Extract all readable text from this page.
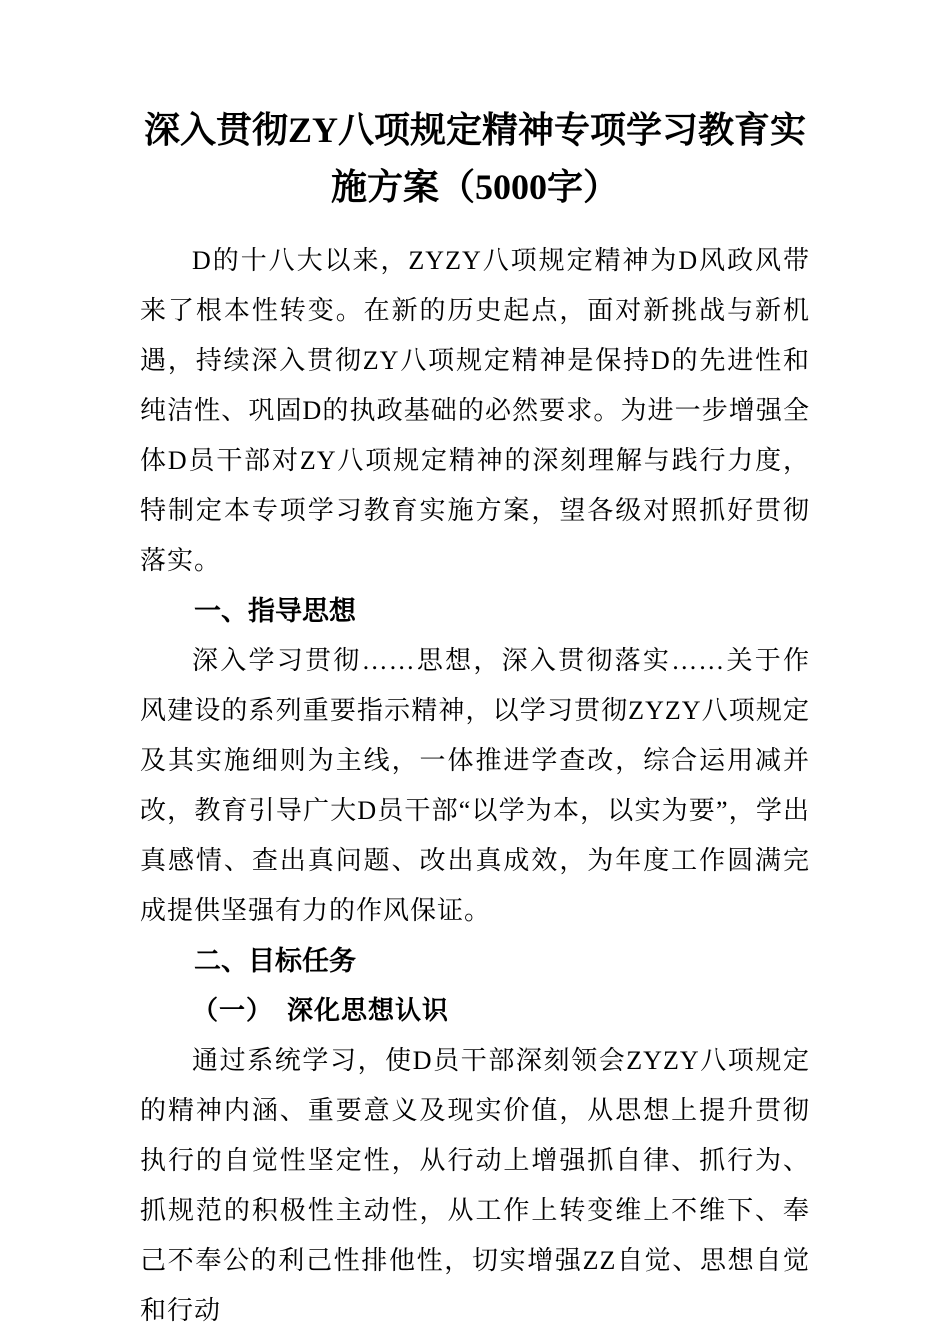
深入贯彻ZY八项规定精神专项学习教育实施方案（5000字）

D的十八大以来，ZYZY八项规定精神为D风政风带来了根本性转变。在新的历史起点，面对新挑战与新机遇，持续深入贯彻ZY八项规定精神是保持D的先进性和纯洁性、巩固D的执政基础的必然要求。为进一步增强全体D员干部对ZY八项规定精神的深刻理解与践行力度，特制定本专项学习教育实施方案，望各级对照抓好贯彻落实。

一、指导思想

深入学习贯彻……思想，深入贯彻落实……关于作风建设的系列重要指示精神，以学习贯彻ZYZY八项规定及其实施细则为主线，一体推进学查改，综合运用减并改，教育引导广大D员干部“以学为本，以实为要”，学出真感情、查出真问题、改出真成效，为年度工作圆满完成提供坚强有力的作风保证。

二、目标任务
（一）　深化思想认识

通过系统学习，使D员干部深刻领会ZYZY八项规定的精神内涵、重要意义及现实价值，从思想上提升贯彻执行的自觉性坚定性，从行动上增强抓自律、抓行为、抓规范的积极性主动性，从工作上转变维上不维下、奉己不奉公的利己性排他性，切实增强ZZ自觉、思想自觉和行动
